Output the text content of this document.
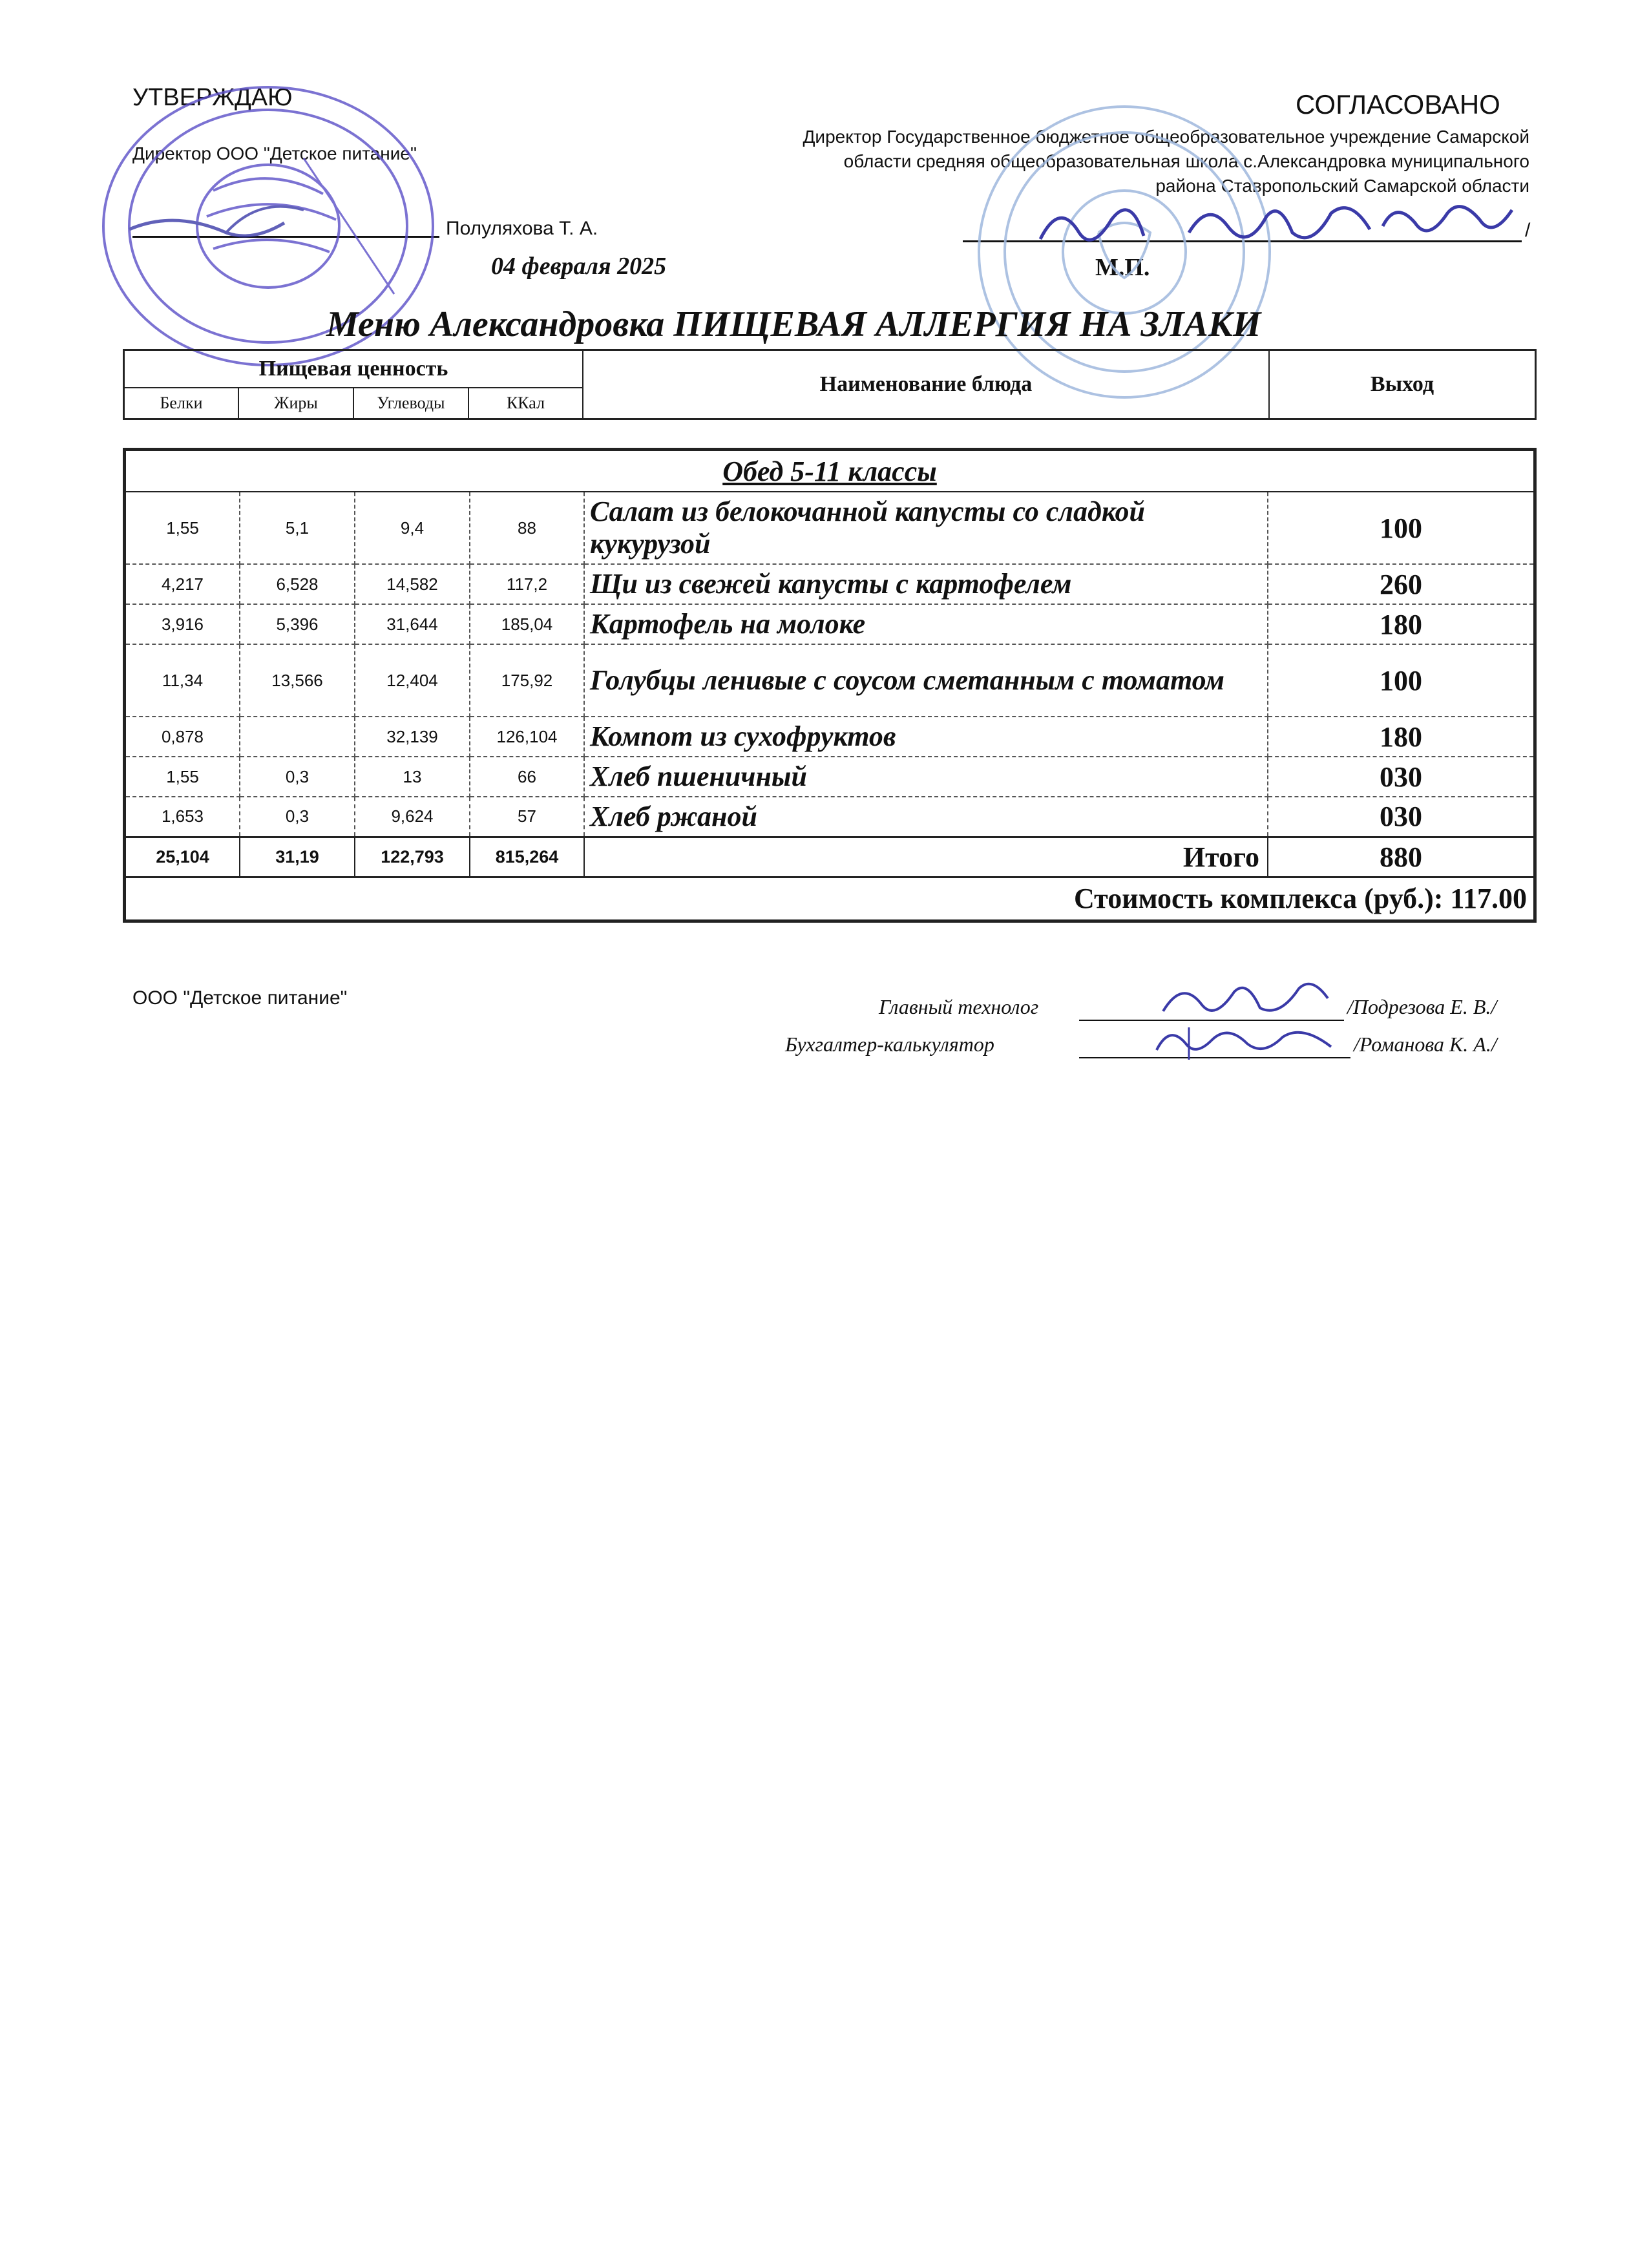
УТВЕРЖДАЮ
Директор ООО "Детское питание"
Полуляхова Т. А.
04 февраля 2025
СОГЛАСОВАНО
Директор Государственное бюджетное общеобразовательное учреждение Самарской
области средняя общеобразовательная школа с.Александровка муниципального
района Ставропольский Самарской области
/
М.П.
Меню Александровка ПИЩЕВАЯ АЛЛЕРГИЯ НА ЗЛАКИ
Пищевая ценность				Наименование блюда	Выход
Белки	Жиры	Углеводы	ККал		
Обед 5-11 классы					
1,55	5,1	9,4	88	Салат из белокочанной капусты со сладкой кукурузой	100
4,217	6,528	14,582	117,2	Щи из свежей капусты с картофелем	260
3,916	5,396	31,644	185,04	Картофель на молоке	180
11,34	13,566	12,404	175,92	Голубцы ленивые с соусом сметанным с томатом	100
0,878		32,139	126,104	Компот из сухофруктов	180
1,55	0,3	13	66	Хлеб пшеничный	030
1,653	0,3	9,624	57	Хлеб ржаной	030
25,104	31,19	122,793	815,264	Итого	880
Стоимость комплекса (руб.): 117.00					
ООО "Детское питание"	Главный технолог	/Подрезова Е. В./
Бухгалтер-калькулятор	/Романова К. А./
